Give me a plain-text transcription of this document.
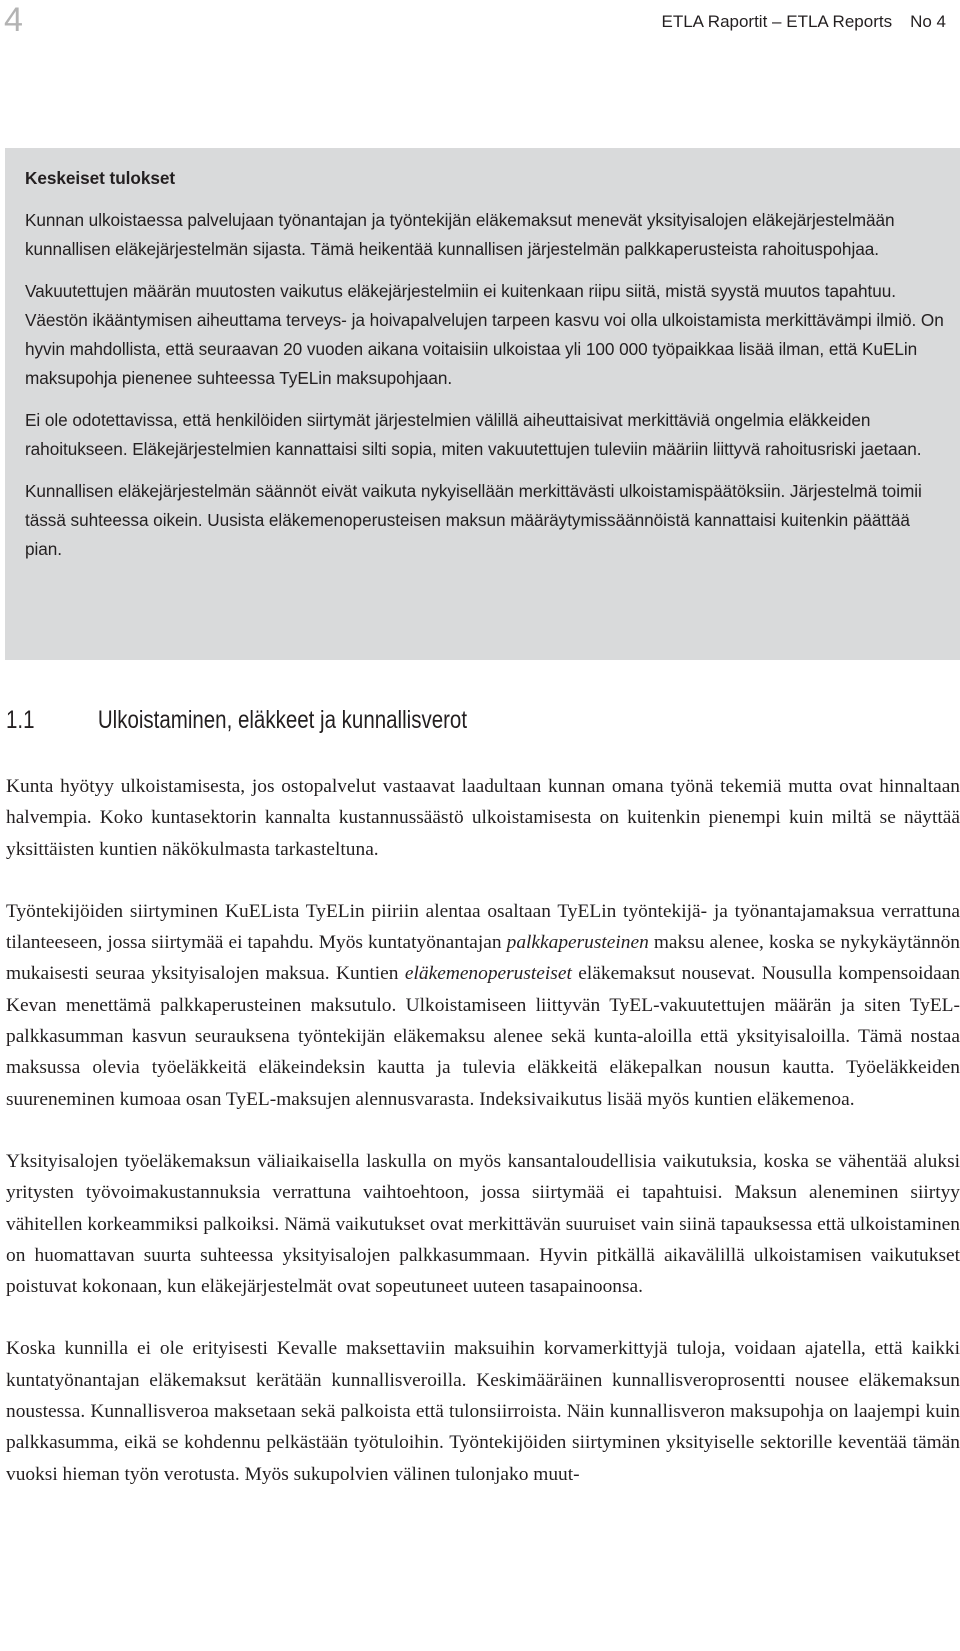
4	ETLA Raportit – ETLA Reports No 4
Keskeiset tulokset

Kunnan ulkoistaessa palvelujaan työnantajan ja työntekijän eläkemaksut menevät yksityisalojen eläkejärjestelmään kunnallisen eläkejärjestelmän sijasta. Tämä heikentää kunnallisen järjestelmän palkkaperusteista rahoituspohjaa.

Vakuutettujen määrän muutosten vaikutus eläkejärjestelmiin ei kuitenkaan riipu siitä, mistä syystä muutos tapahtuu. Väestön ikääntymisen aiheuttama terveys- ja hoivapalvelujen tarpeen kasvu voi olla ulkoistamista merkittävämpi ilmiö. On hyvin mahdollista, että seuraavan 20 vuoden aikana voitaisiin ulkoistaa yli 100 000 työpaikkaa lisää ilman, että KuELin maksupohja pienenee suhteessa TyELin maksupohjaan.

Ei ole odotettavissa, että henkilöiden siirtymät järjestelmien välillä aiheuttaisivat merkittäviä ongelmia eläkkeiden rahoitukseen. Eläkejärjestelmien kannattaisi silti sopia, miten vakuutettujen tuleviin määriin liittyvä rahoitusriski jaetaan.

Kunnallisen eläkejärjestelmän säännöt eivät vaikuta nykyisellään merkittävästi ulkoistamispäätöksiin. Järjestelmä toimii tässä suhteessa oikein. Uusista eläkemenoperusteisen maksun määräytymissäännöistä kannattaisi kuitenkin päättää pian.

1.1	Ulkoistaminen, eläkkeet ja kunnallisverot

Kunta hyötyy ulkoistamisesta, jos ostopalvelut vastaavat laadultaan kunnan omana työnä tekemiä mutta ovat hinnaltaan halvempia. Koko kuntasektorin kannalta kustannussäästö ulkoistamisesta on kuitenkin pienempi kuin miltä se näyttää yksittäisten kuntien näkökulmasta tarkasteltuna.

Työntekijöiden siirtyminen KuELista TyELin piiriin alentaa osaltaan TyELin työntekijä- ja työnantajamaksua verrattuna tilanteeseen, jossa siirtymää ei tapahdu. Myös kuntatyönantajan palkkaperusteinen maksu alenee, koska se nykykäytännön mukaisesti seuraa yksityisalojen maksua. Kuntien eläkemenoperusteiset eläkemaksut nousevat. Nousulla kompensoidaan Kevan menettämä palkkaperusteinen maksutulo. Ulkoistamiseen liittyvän TyEL-vakuutettujen määrän ja siten TyEL-palkkasumman kasvun seurauksena työntekijän eläkemaksu alenee sekä kunta-aloilla että yksityisaloilla. Tämä nostaa maksussa olevia työeläkkeitä eläkeindeksin kautta ja tulevia eläkkeitä eläkepalkan nousun kautta. Työeläkkeiden suureneminen kumoaa osan TyEL-maksujen alennusvarasta. Indeksivaikutus lisää myös kuntien eläkemenoa.

Yksityisalojen työeläkemaksun väliaikaisella laskulla on myös kansantaloudellisia vaikutuksia, koska se vähentää aluksi yritysten työvoimakustannuksia verrattuna vaihtoehtoon, jossa siirtymää ei tapahtuisi. Maksun aleneminen siirtyy vähitellen korkeammiksi palkoiksi. Nämä vaikutukset ovat merkittävän suuruiset vain siinä tapauksessa että ulkoistaminen on huomattavan suurta suhteessa yksityisalojen palkkasummaan. Hyvin pitkällä aikavälillä ulkoistamisen vaikutukset poistuvat kokonaan, kun eläkejärjestelmät ovat sopeutuneet uuteen tasapainoonsa.

Koska kunnilla ei ole erityisesti Kevalle maksettaviin maksuihin korvamerkittyjä tuloja, voidaan ajatella, että kaikki kuntatyönantajan eläkemaksut kerätään kunnallisveroilla. Keskimääräinen kunnallisveroprosentti nousee eläkemaksun noustessa. Kunnallisveroa maksetaan sekä palkoista että tulonsiirroista. Näin kunnallisveron maksupohja on laajempi kuin palkkasumma, eikä se kohdennu pelkästään työtuloihin. Työntekijöiden siirtyminen yksityiselle sektorille keventää tämän vuoksi hieman työn verotusta. Myös sukupolvien välinen tulonjako muut-
